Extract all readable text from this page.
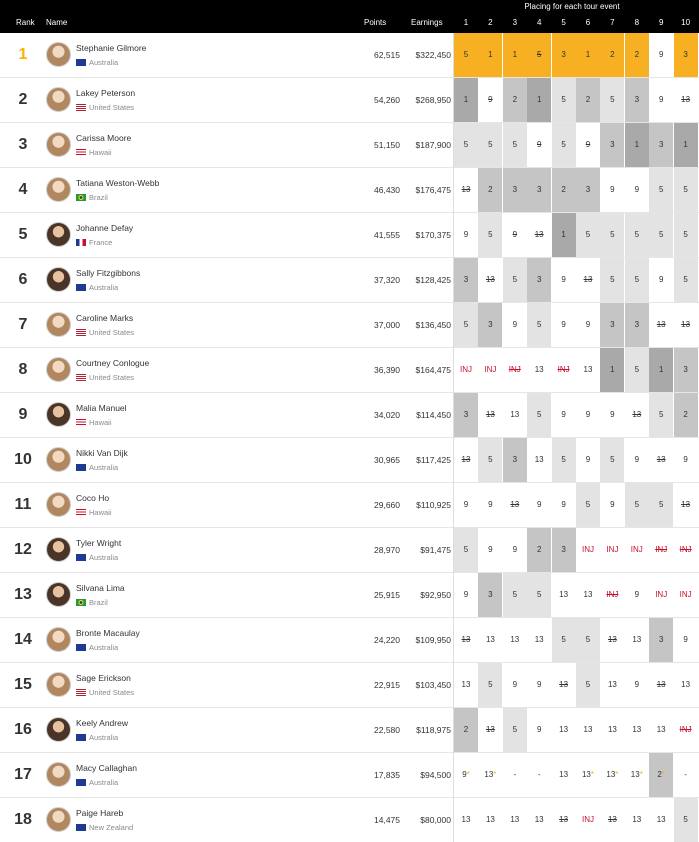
Rank Name	Points	Earnings
Placing for each tour event
1	2	3	4	5	6	7	8	9	10
1	Stephanie Gilmore
Australia
62,515	$322,450	5	1	1	5	3	1	2	2	9	3
2	Lakey Peterson
United States
54,260	$268,950	1	9	2	1	5	2	5	3	9	13
3	Carissa Moore
Hawaii
51,150	$187,900	5	5	5	9	5	9	3	1	3	1
4	Tatiana Weston-Webb
Brazil
46,430	$176,475	13	2	3	3	2	3	9	9	5	5
5	Johanne Defay
France
41,555	$170,375	9	5	9	13	1	5	5	5	5	5
6	Sally Fitzgibbons
Australia
37,320	$128,425	3	13	5	3	9	13	5	5	9	5
7	Caroline Marks
United States
37,000	$136,450	5	3	9	5	9	9	3	3	13	13
8	Courtney Conlogue
United States
36,390	$164,475	INJ	INJ	INJ	13	INJ	13	1	5	1	3
9	Malia Manuel
Hawaii
34,020	$114,450	3	13	13	5	9	9	9	13	5	2
10	Nikki Van Dijk
Australia
30,965	$117,425	13	5	3	13	5	9	5	9	13	9
11	Coco Ho
Hawaii
29,660	$110,925	9	9	13	9	9	5	9	5	5	13
12	Tyler Wright
Australia
28,970	$91,475	5	9	9	2	3	INJ	INJ	INJ	INJ	INJ
13	Silvana Lima
Brazil
25,915	$92,950	9	3	5	5	13	13	INJ	9	INJ	INJ
14	Bronte Macaulay
Australia
24,220	$109,950	13	13	13	13	5	5	13	13	3	9
15	Sage Erickson
United States
22,915	$103,450	13	5	9	9	13	5	13	9	13	13
16	Keely Andrew
Australia
22,580	$118,975	2	13	5	9	13	13	13	13	13	INJ
17	Macy Callaghan
Australia
17,835	$94,500	9*	13*	-	-	13	13*	13*	13*	2*	-
18	Paige Hareb
New Zealand
14,475	$80,000	13	13	13	13	13	INJ	13	13	13	5
